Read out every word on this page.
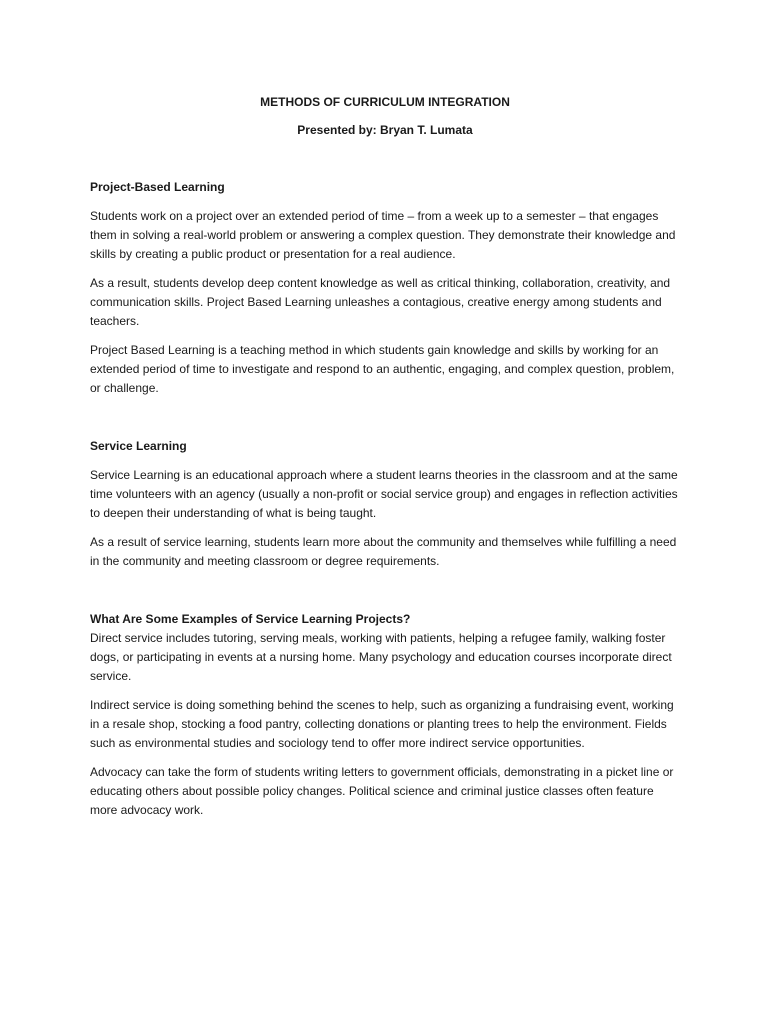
METHODS OF CURRICULUM INTEGRATION

Presented by: Bryan T. Lumata

Project-Based Learning

Students work on a project over an extended period of time – from a week up to a semester – that engages them in solving a real-world problem or answering a complex question. They demonstrate their knowledge and skills by creating a public product or presentation for a real audience.

As a result, students develop deep content knowledge as well as critical thinking, collaboration, creativity, and communication skills. Project Based Learning unleashes a contagious, creative energy among students and teachers.

Project Based Learning is a teaching method in which students gain knowledge and skills by working for an extended period of time to investigate and respond to an authentic, engaging, and complex question, problem, or challenge.

Service Learning

Service Learning is an educational approach where a student learns theories in the classroom and at the same time volunteers with an agency (usually a non-profit or social service group) and engages in reflection activities to deepen their understanding of what is being taught.

As a result of service learning, students learn more about the community and themselves while fulfilling a need in the community and meeting classroom or degree requirements.

What Are Some Examples of Service Learning Projects?

Direct service includes tutoring, serving meals, working with patients, helping a refugee family, walking foster dogs, or participating in events at a nursing home. Many psychology and education courses incorporate direct service.

Indirect service is doing something behind the scenes to help, such as organizing a fundraising event, working in a resale shop, stocking a food pantry, collecting donations or planting trees to help the environment. Fields such as environmental studies and sociology tend to offer more indirect service opportunities.

Advocacy can take the form of students writing letters to government officials, demonstrating in a picket line or educating others about possible policy changes. Political science and criminal justice classes often feature more advocacy work.
